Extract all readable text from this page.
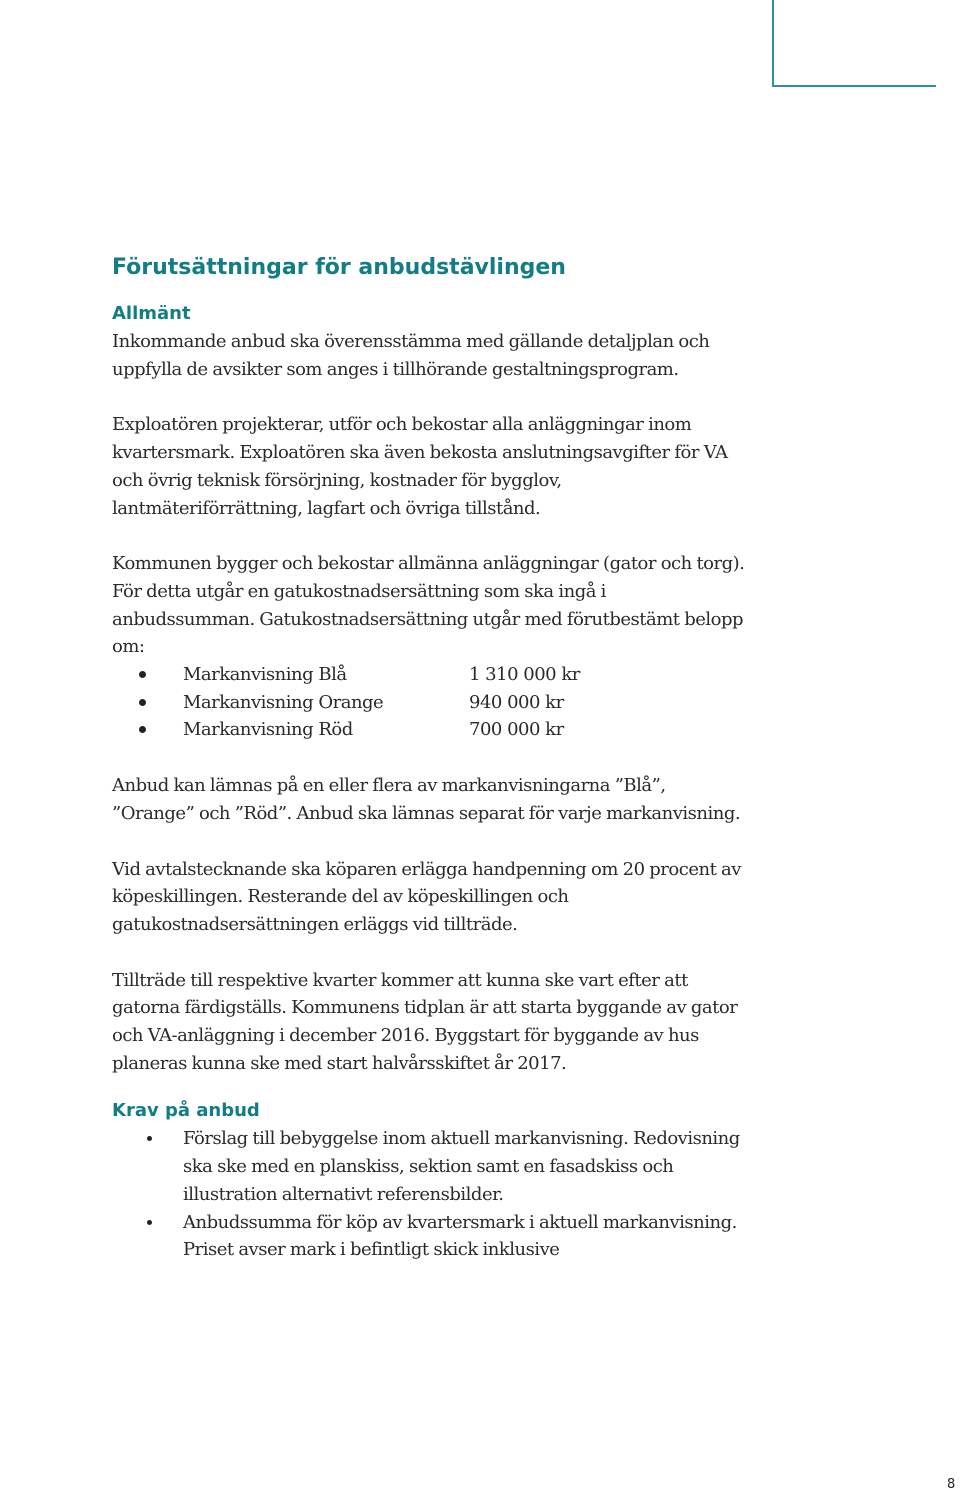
Förutsättningar för anbudstävlingen
Allmänt

Inkommande anbud ska överensstämma med gällande detaljplan och uppfylla de avsikter som anges i tillhörande gestaltningsprogram.

Exploatören projekterar, utför och bekostar alla anläggningar inom kvartersmark. Exploatören ska även bekosta anslutningsavgifter för VA och övrig teknisk försörjning, kostnader för bygglov, lantmäteriförrättning, lagfart och övriga tillstånd.

Kommunen bygger och bekostar allmänna anläggningar (gator och torg). För detta utgår en gatukostnadsersättning som ska ingå i anbudssumman. Gatukostnadsersättning utgår med förutbestämt belopp om:

Markanvisning Blå	1 310 000 kr
Markanvisning Orange	940 000 kr
Markanvisning Röd	700 000 kr

Anbud kan lämnas på en eller flera av markanvisningarna ”Blå”, ”Orange” och ”Röd”. Anbud ska lämnas separat för varje markanvisning.

Vid avtalstecknande ska köparen erlägga handpenning om 20 procent av köpeskillingen. Resterande del av köpeskillingen och gatukostnadsersättningen erläggs vid tillträde.

Tillträde till respektive kvarter kommer att kunna ske vart efter att gatorna färdigställs. Kommunens tidplan är att starta byggande av gator och VA-anläggning i december 2016. Byggstart för byggande av hus planeras kunna ske med start halvårsskiftet år 2017.

Krav på anbud
Förslag till bebyggelse inom aktuell markanvisning. Redovisning ska ske med en planskiss, sektion samt en fasadskiss och illustration alternativt referensbilder.
Anbudssumma för köp av kvartersmark i aktuell markanvisning. Priset avser mark i befintligt skick inklusive
8
